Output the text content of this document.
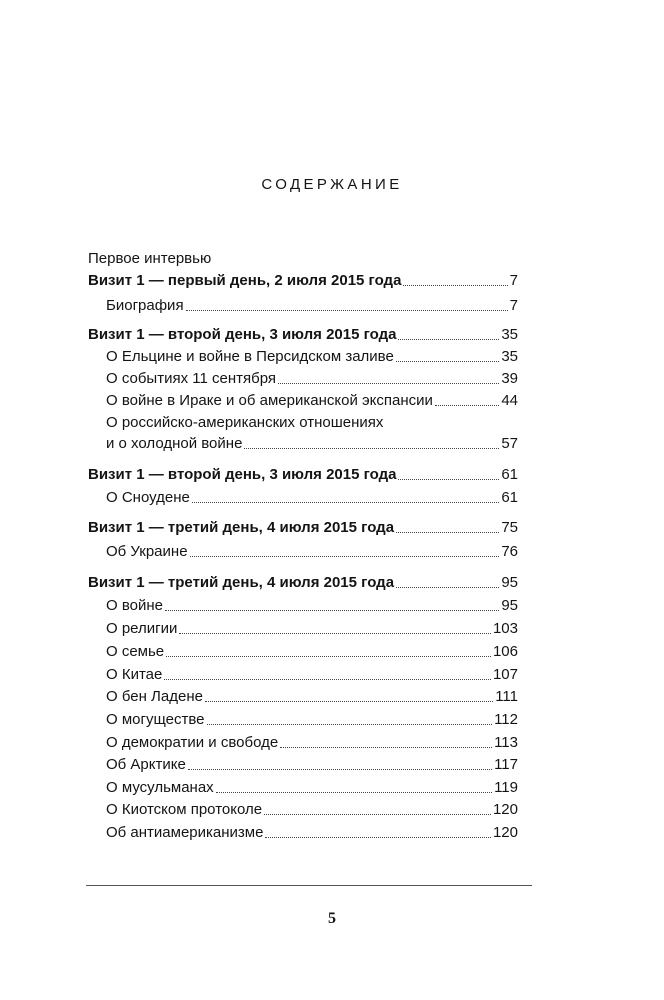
СОДЕРЖАНИЕ
Первое интервью
Визит 1 — первый день, 2 июля 2015 года	7
Биография	7
Визит 1 — второй день, 3 июля 2015 года	35
О Ельцине и войне в Персидском заливе	35
О событиях 11 сентября	39
О войне в Ираке и об американской экспансии	44
О российско-американских отношениях
и о холодной войне	57
Визит 1 — второй день, 3 июля 2015 года	61
О Сноудене	61
Визит 1 — третий день, 4 июля 2015 года	75
Об Украине	76
Визит 1 — третий день, 4 июля 2015 года	95
О войне	95
О религии	103
О семье	106
О Китае	107
О бен Ладене	111
О могуществе	112
О демократии и свободе	113
Об Арктике	117
О мусульманах	119
О Киотском протоколе	120
Об антиамериканизме	120
5
